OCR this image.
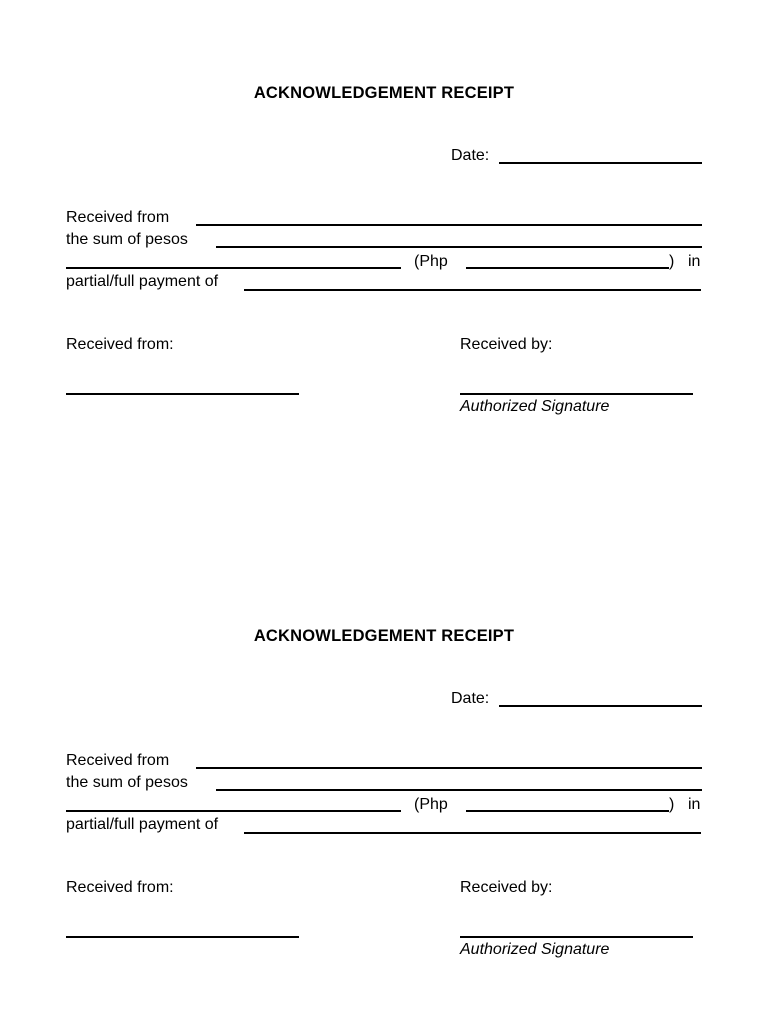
ACKNOWLEDGEMENT RECEIPT
Date:
Received from
the sum of pesos
(Php	) in
partial/full payment of
Received from:	Received by:
Authorized Signature
ACKNOWLEDGEMENT RECEIPT
Date:
Received from
the sum of pesos
(Php	) in
partial/full payment of
Received from:	Received by:
Authorized Signature
